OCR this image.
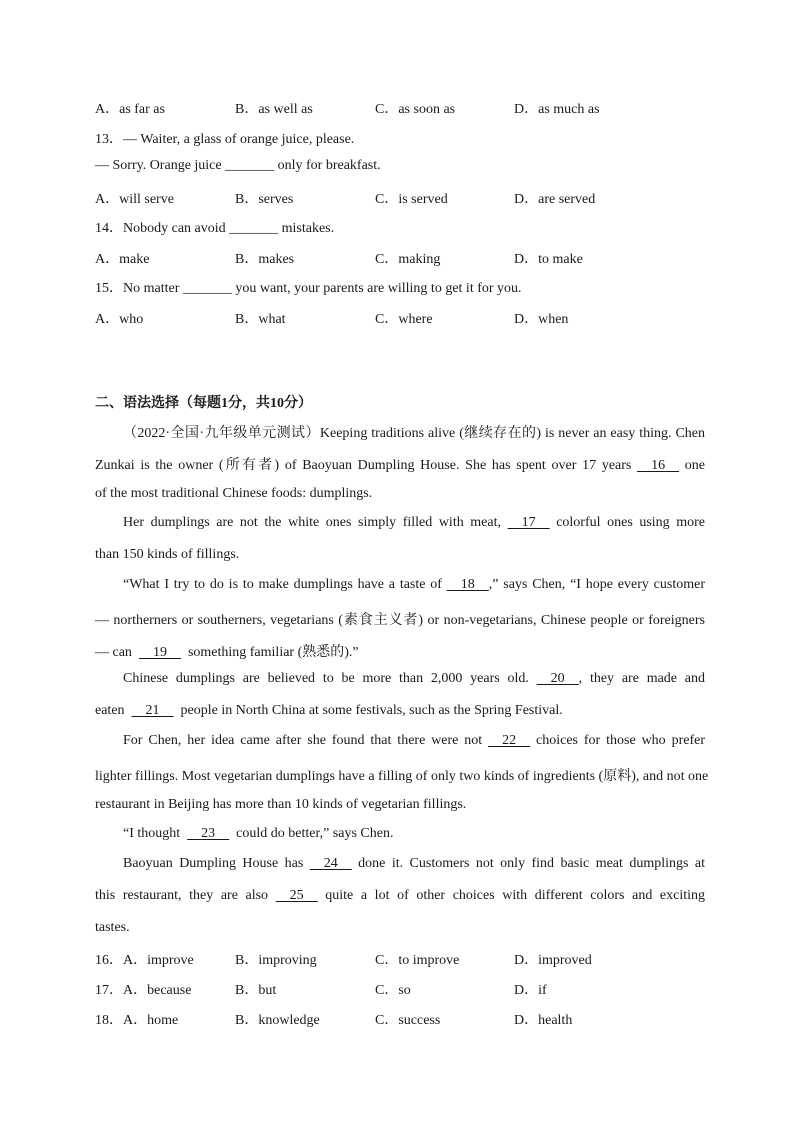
A．as far as	B．as well as	C．as soon as	D．as much as
13．— Waiter, a glass of orange juice, please.
— Sorry. Orange juice _______ only for breakfast.
A．will serve	B．serves	C．is served	D．are served
14．Nobody can avoid _______ mistakes.
A．make	B．makes	C．making	D．to make
15．No matter _______ you want, your parents are willing to get it for you.
A．who	B．what	C．where	D．when
二、语法选择（每题1分，共10分）
（2022·全国·九年级单元测试）Keeping traditions alive (继续存在的) is never an easy thing. Chen
Zunkai is the owner (所有者) of Baoyuan Dumpling House. She has spent over 17 years     16     one
of the most traditional Chinese foods: dumplings.
Her dumplings are not the white ones simply filled with meat,     17     colorful ones using more
than 150 kinds of fillings.
“What I try to do is to make dumplings have a taste of     18    ,” says Chen, “I hope every customer
— northerners or southerners, vegetarians (素食主义者) or non-vegetarians, Chinese people or foreigners
— can      19      something familiar (熟悉的).”
Chinese dumplings are believed to be more than 2,000 years old.     20    , they are made and
eaten      21      people in North China at some festivals, such as the Spring Festival.
For Chen, her idea came after she found that there were not     22     choices for those who prefer
lighter fillings. Most vegetarian dumplings have a filling of only two kinds of ingredients (原料), and not one
restaurant in Beijing has more than 10 kinds of vegetarian fillings.
“I thought      23      could do better,” says Chen.
Baoyuan Dumpling House has     24     done it. Customers not only find basic meat dumplings at
this restaurant, they are also     25     quite a lot of other choices with different colors and exciting
tastes.
16．A．improve	B．improving	C．to improve	D．improved
17．A．because	B．but	C．so	D．if
18．A．home	B．knowledge	C．success	D．health
